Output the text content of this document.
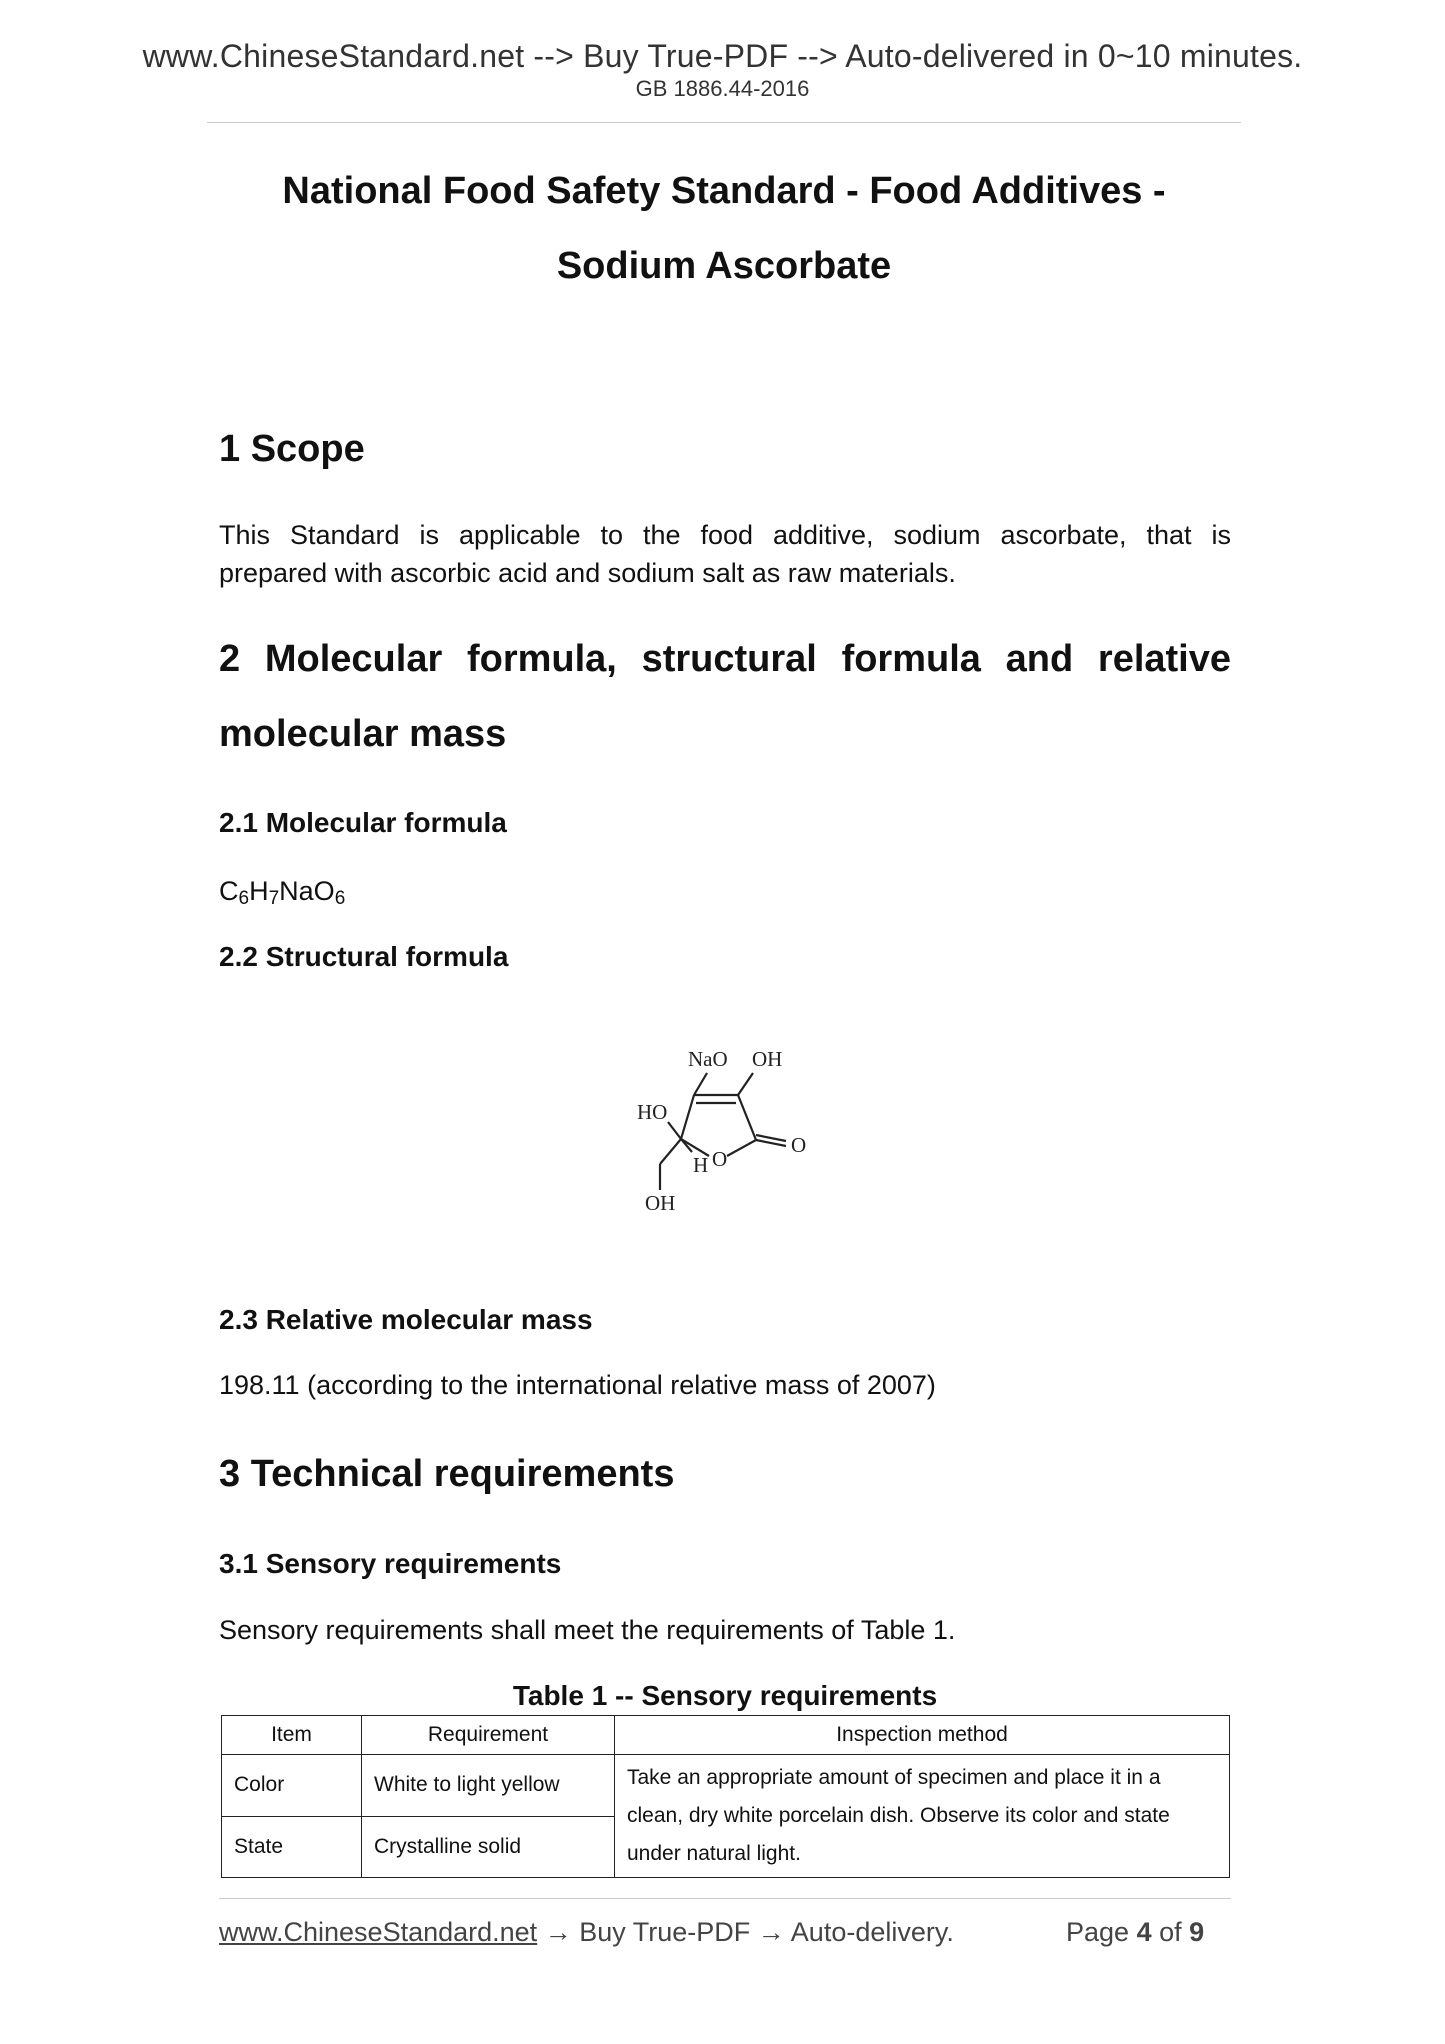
www.ChineseStandard.net --> Buy True-PDF --> Auto-delivered in 0~10 minutes.
GB 1886.44-2016
National Food Safety Standard - Food Additives -
Sodium Ascorbate
1 Scope
This Standard is applicable to the food additive, sodium ascorbate, that is
prepared with ascorbic acid and sodium salt as raw materials.
2 Molecular formula, structural formula and relative
molecular mass
2.1 Molecular formula
$C_6H_7NaO_6$
2.2 Structural formula
NaO OH
HO
O
O
H
OH
2.3 Relative molecular mass
198.11 (according to the international relative mass of 2007)
3 Technical requirements
3.1 Sensory requirements
Sensory requirements shall meet the requirements of Table 1.
Table 1 -- Sensory requirements
Item	Requirement	Inspection method
Color	White to light yellow	Take an appropriate amount of specimen and place it in a
clean, dry white porcelain dish. Observe its color and state
under natural light.

State	Crystalline solid	
www.ChineseStandard.net → Buy True-PDF → Auto-delivery.	Page 4 of 9
